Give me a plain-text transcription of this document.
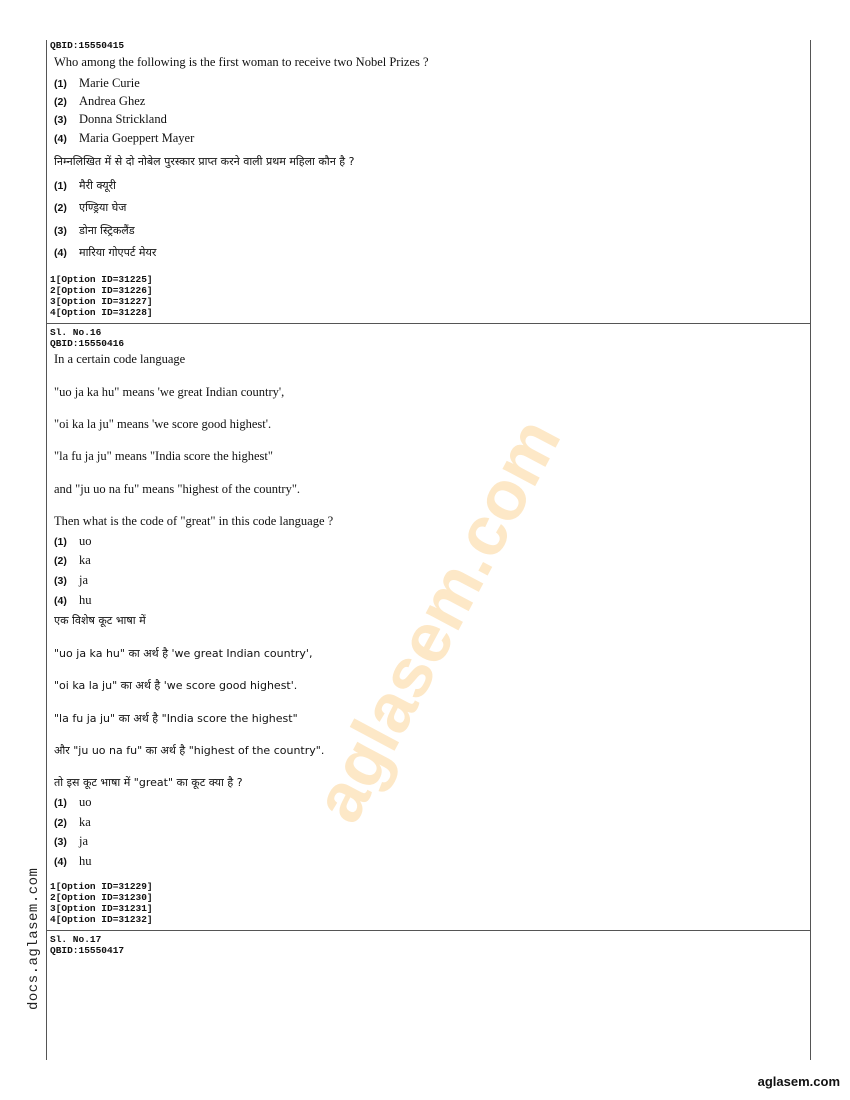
QBID:15550415
Who among the following is the first woman to receive two Nobel Prizes ?
(1) Marie Curie
(2) Andrea Ghez
(3) Donna Strickland
(4) Maria Goeppert Mayer
निम्नलिखित में से दो नोबेल पुरस्कार प्राप्त करने वाली प्रथम महिला कौन है ?
(1) मैरी क्यूरी
(2) एण्ड्रिया घेज
(3) डोना स्ट्रिकलैंड
(4) मारिया गोएपर्ट मेयर
1[Option ID=31225]
2[Option ID=31226]
3[Option ID=31227]
4[Option ID=31228]
Sl. No.16
QBID:15550416
In a certain code language
"uo ja ka hu" means 'we great Indian country',
"oi ka la ju" means 'we score good highest'.
"la fu ja ju" means "India score the highest"
and "ju uo na fu" means "highest of the country".
Then what is the code of "great" in this code language ?
(1) uo
(2) ka
(3) ja
(4) hu
एक विशेष कूट भाषा में
"uo ja ka hu" का अर्थ है 'we great Indian country',
"oi ka la ju" का अर्थ है 'we score good highest'.
"la fu ja ju" का अर्थ है "India score the highest"
और "ju uo na fu" का अर्थ है "highest of the country".
तो इस कूट भाषा में "great" का कूट क्या है ?
(1) uo
(2) ka
(3) ja
(4) hu
1[Option ID=31229]
2[Option ID=31230]
3[Option ID=31231]
4[Option ID=31232]
Sl. No.17
QBID:15550417
aglasem.com
docs.aglasem.com
aglasem.com
